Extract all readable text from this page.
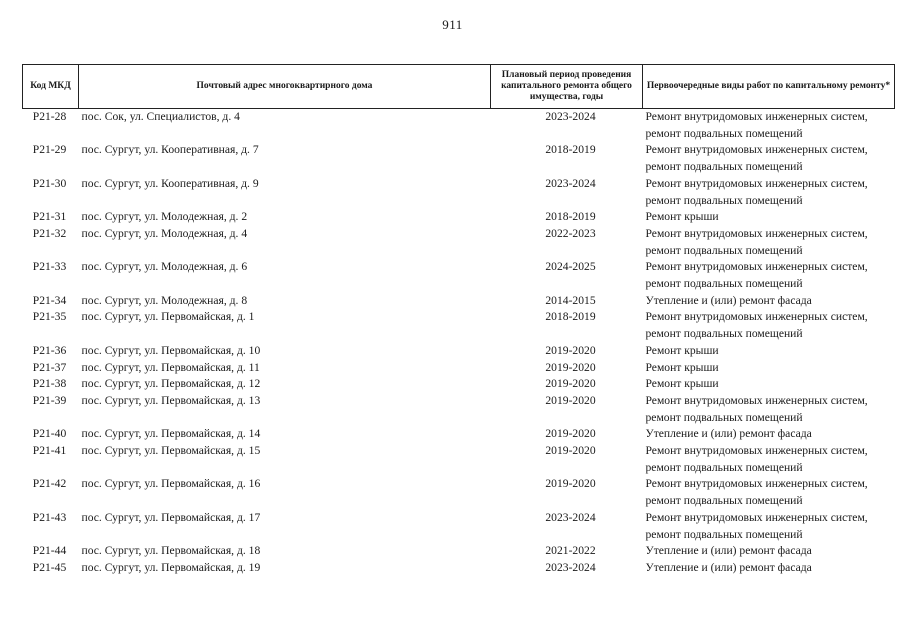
911
Код МКД	Почтовый адрес многоквартирного дома	Плановый период проведения капитального ремонта общего имущества, годы	Первоочередные виды работ по капитальному ремонту*
Р21-28	пос. Сок, ул. Специалистов, д. 4	2023-2024	Ремонт внутридомовых инженерных систем,
ремонт подвальных помещений

Р21-29	пос. Сургут, ул. Кооперативная, д. 7	2018-2019	Ремонт внутридомовых инженерных систем,
ремонт подвальных помещений

Р21-30	пос. Сургут, ул. Кооперативная, д. 9	2023-2024	Ремонт внутридомовых инженерных систем,
ремонт подвальных помещений

Р21-31	пос. Сургут, ул. Молодежная, д. 2	2018-2019	Ремонт крыши

Р21-32	пос. Сургут, ул. Молодежная, д. 4	2022-2023	Ремонт внутридомовых инженерных систем,
ремонт подвальных помещений

Р21-33	пос. Сургут, ул. Молодежная, д. 6	2024-2025	Ремонт внутридомовых инженерных систем,
ремонт подвальных помещений

Р21-34	пос. Сургут, ул. Молодежная, д. 8	2014-2015	Утепление и (или) ремонт фасада

Р21-35	пос. Сургут, ул. Первомайская, д. 1	2018-2019	Ремонт внутридомовых инженерных систем,
ремонт подвальных помещений

Р21-36	пос. Сургут, ул. Первомайская, д. 10	2019-2020	Ремонт крыши

Р21-37	пос. Сургут, ул. Первомайская, д. 11	2019-2020	Ремонт крыши

Р21-38	пос. Сургут, ул. Первомайская, д. 12	2019-2020	Ремонт крыши

Р21-39	пос. Сургут, ул. Первомайская, д. 13	2019-2020	Ремонт внутридомовых инженерных систем,
ремонт подвальных помещений

Р21-40	пос. Сургут, ул. Первомайская, д. 14	2019-2020	Утепление и (или) ремонт фасада

Р21-41	пос. Сургут, ул. Первомайская, д. 15	2019-2020	Ремонт внутридомовых инженерных систем,
ремонт подвальных помещений

Р21-42	пос. Сургут, ул. Первомайская, д. 16	2019-2020	Ремонт внутридомовых инженерных систем,
ремонт подвальных помещений

Р21-43	пос. Сургут, ул. Первомайская, д. 17	2023-2024	Ремонт внутридомовых инженерных систем,
ремонт подвальных помещений

Р21-44	пос. Сургут, ул. Первомайская, д. 18	2021-2022	Утепление и (или) ремонт фасада

Р21-45	пос. Сургут, ул. Первомайская, д. 19	2023-2024	Утепление и (или) ремонт фасада
